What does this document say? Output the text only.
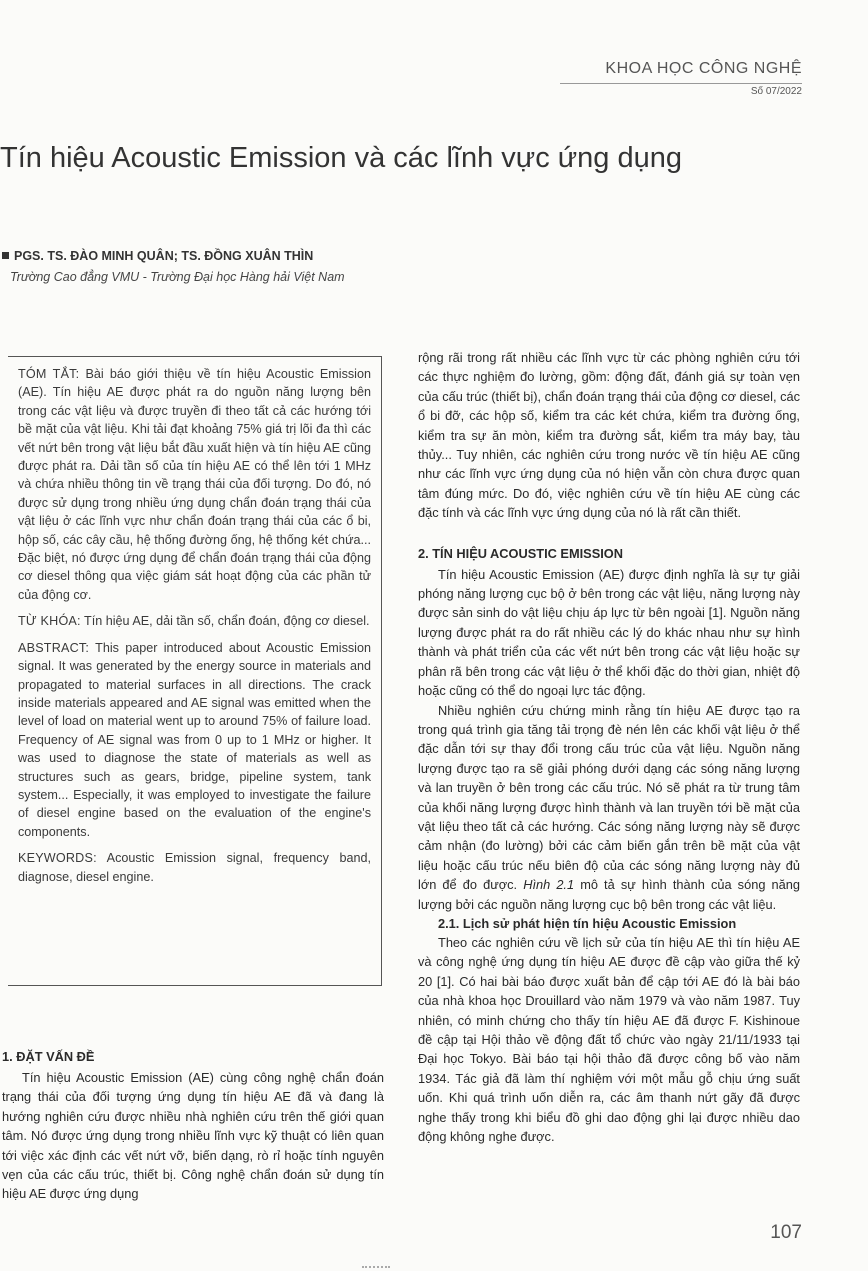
KHOA HỌC CÔNG NGHỆ
Số 07/2022
Tín hiệu Acoustic Emission và các lĩnh vực ứng dụng
PGS. TS. ĐÀO MINH QUÂN; TS. ĐỒNG XUÂN THÌN
Trường Cao đẳng VMU - Trường Đại học Hàng hải Việt Nam

TÓM TẮT: Bài báo giới thiệu về tín hiệu Acoustic Emission (AE). Tín hiệu AE được phát ra do nguồn năng lượng bên trong các vật liệu và được truyền đi theo tất cả các hướng tới bề mặt của vật liệu. Khi tải đạt khoảng 75% giá trị lõi đa thì các vết nứt bên trong vật liệu bắt đầu xuất hiện và tín hiệu AE cũng được phát ra. Dải tần số của tín hiệu AE có thể lên tới 1 MHz và chứa nhiều thông tin về trạng thái của đối tượng. Do đó, nó được sử dụng trong nhiều ứng dụng chẩn đoán trạng thái của vật liệu ở các lĩnh vực như chẩn đoán trạng thái của các ổ bi, hộp số, các cây cầu, hệ thống đường ống, hệ thống két chứa... Đặc biệt, nó được ứng dụng để chẩn đoán trạng thái của động cơ diesel thông qua việc giám sát hoạt động của các phần tử của động cơ.

TỪ KHÓA: Tín hiệu AE, dải tần số, chẩn đoán, động cơ diesel.

ABSTRACT: This paper introduced about Acoustic Emission signal. It was generated by the energy source in materials and propagated to material surfaces in all directions. The crack inside materials appeared and AE signal was emitted when the level of load on material went up to around 75% of failure load. Frequency of AE signal was from 0 up to 1 MHz or higher. It was used to diagnose the state of materials as well as structures such as gears, bridge, pipeline system, tank system... Especially, it was employed to investigate the failure of diesel engine based on the evaluation of the engine's components.

KEYWORDS: Acoustic Emission signal, frequency band, diagnose, diesel engine.

1. ĐẶT VẤN ĐỀ

Tín hiệu Acoustic Emission (AE) cùng công nghệ chẩn đoán trạng thái của đối tượng ứng dụng tín hiệu AE đã và đang là hướng nghiên cứu được nhiều nhà nghiên cứu trên thế giới quan tâm. Nó được ứng dụng trong nhiều lĩnh vực kỹ thuật có liên quan tới việc xác định các vết nứt vỡ, biến dạng, rò rỉ hoặc tính nguyên vẹn của các cấu trúc, thiết bị. Công nghệ chẩn đoán sử dụng tín hiệu AE được ứng dụng

rộng rãi trong rất nhiều các lĩnh vực từ các phòng nghiên cứu tới các thực nghiệm đo lường, gồm: động đất, đánh giá sự toàn vẹn của cấu trúc (thiết bị), chẩn đoán trạng thái của động cơ diesel, các ổ bi đỡ, các hộp số, kiểm tra các két chứa, kiểm tra đường ống, kiểm tra sự ăn mòn, kiểm tra đường sắt, kiểm tra máy bay, tàu thủy... Tuy nhiên, các nghiên cứu trong nước về tín hiệu AE cũng như các lĩnh vực ứng dụng của nó hiện vẫn còn chưa được quan tâm đúng mức. Do đó, việc nghiên cứu về tín hiệu AE cùng các đặc tính và các lĩnh vực ứng dụng của nó là rất cần thiết.

2. TÍN HIỆU ACOUSTIC EMISSION

Tín hiệu Acoustic Emission (AE) được định nghĩa là sự tự giải phóng năng lượng cục bộ ở bên trong các vật liệu, năng lượng này được sản sinh do vật liệu chịu áp lực từ bên ngoài [1]. Nguồn năng lượng được phát ra do rất nhiều các lý do khác nhau như sự hình thành và phát triển của các vết nứt bên trong các vật liệu hoặc sự phân rã bên trong các vật liệu ở thể khối đặc do thời gian, nhiệt độ hoặc cũng có thể do ngoại lực tác động.

Nhiều nghiên cứu chứng minh rằng tín hiệu AE được tạo ra trong quá trình gia tăng tải trọng đè nén lên các khối vật liệu ở thể đặc dẫn tới sự thay đổi trong cấu trúc của vật liệu. Nguồn năng lượng được tạo ra sẽ giải phóng dưới dạng các sóng năng lượng và lan truyền ở bên trong các cấu trúc. Nó sẽ phát ra từ trung tâm của khối năng lượng được hình thành và lan truyền tới bề mặt của vật liệu theo tất cả các hướng. Các sóng năng lượng này sẽ được cảm nhận (đo lường) bởi các cảm biến gắn trên bề mặt của vật liệu hoặc cấu trúc nếu biên độ của các sóng năng lượng này đủ lớn để đo được. Hình 2.1 mô tả sự hình thành của sóng năng lượng bởi các nguồn năng lượng cục bộ bên trong các vật liệu.

2.1. Lịch sử phát hiện tín hiệu Acoustic Emission

Theo các nghiên cứu về lịch sử của tín hiệu AE thì tín hiệu AE và công nghệ ứng dụng tín hiệu AE được đề cập vào giữa thế kỷ 20 [1]. Có hai bài báo được xuất bản để cập tới AE đó là bài báo của nhà khoa học Drouillard vào năm 1979 và vào năm 1987. Tuy nhiên, có minh chứng cho thấy tín hiệu AE đã được F. Kishinoue đề cập tại Hội thảo về động đất tổ chức vào ngày 21/11/1933 tại Đại học Tokyo. Bài báo tại hội thảo đã được công bố vào năm 1934. Tác giả đã làm thí nghiệm với một mẫu gỗ chịu ứng suất uốn. Khi quá trình uốn diễn ra, các âm thanh nứt gãy đã được nghe thấy trong khi biểu đồ ghi dao động ghi lại được nhiều dao động không nghe được.

107
